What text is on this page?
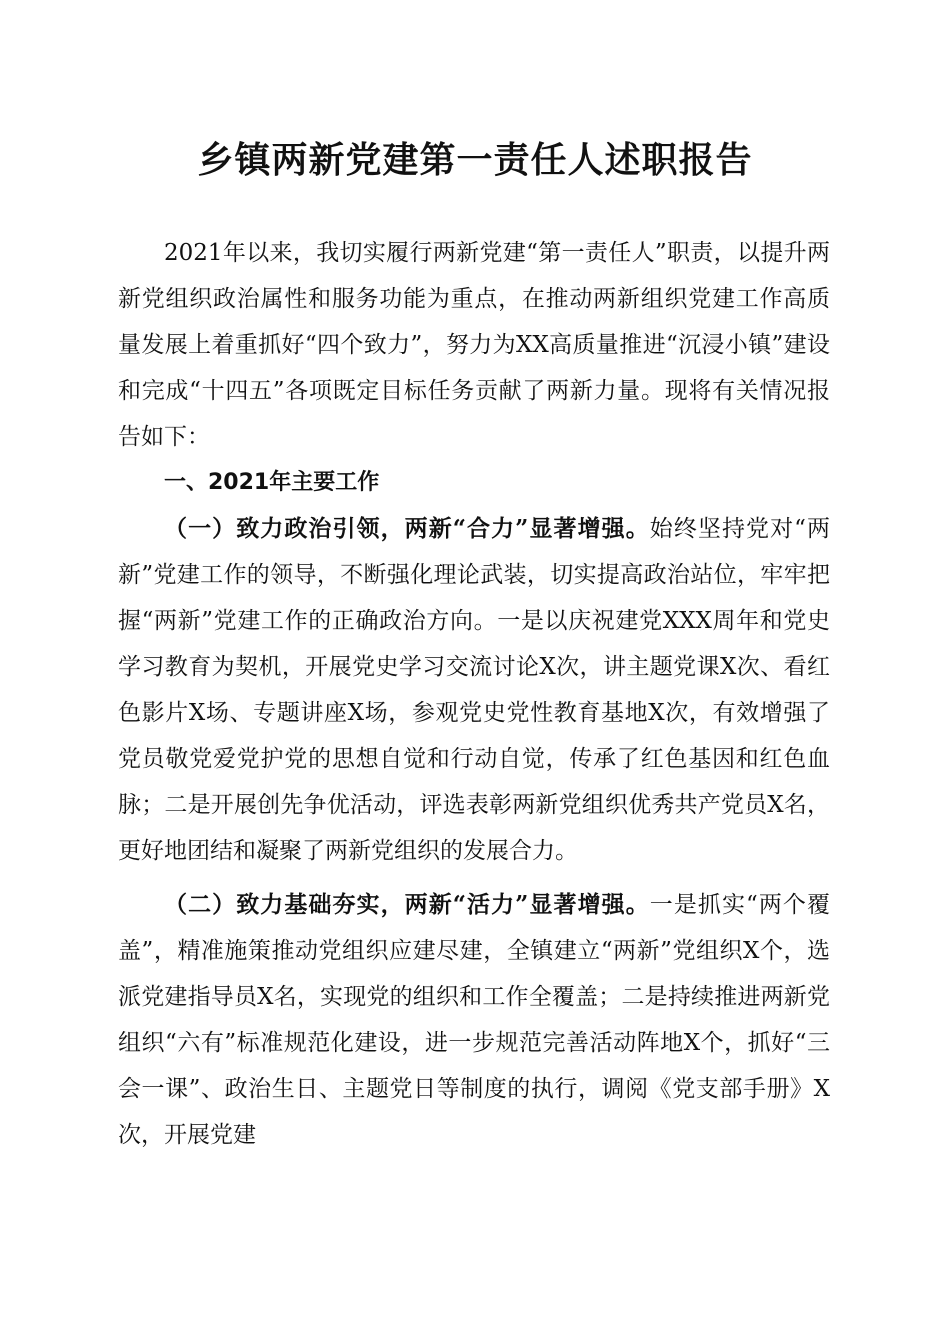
乡镇两新党建第一责任人述职报告

2021年以来，我切实履行两新党建“第一责任人”职责，以提升两新党组织政治属性和服务功能为重点，在推动两新组织党建工作高质量发展上着重抓好“四个致力”，努力为XX高质量推进“沉浸小镇”建设和完成“十四五”各项既定目标任务贡献了两新力量。现将有关情况报告如下：

一、2021年主要工作

（一）致力政治引领，两新“合力”显著增强。始终坚持党对“两新”党建工作的领导，不断强化理论武装，切实提高政治站位，牢牢把握“两新”党建工作的正确政治方向。一是以庆祝建党XXX周年和党史学习教育为契机，开展党史学习交流讨论X次，讲主题党课X次、看红色影片X场、专题讲座X场，参观党史党性教育基地X次，有效增强了党员敬党爱党护党的思想自觉和行动自觉，传承了红色基因和红色血脉；二是开展创先争优活动，评选表彰两新党组织优秀共产党员X名，更好地团结和凝聚了两新党组织的发展合力。

（二）致力基础夯实，两新“活力”显著增强。一是抓实“两个覆盖”，精准施策推动党组织应建尽建，全镇建立“两新”党组织X个，选派党建指导员X名，实现党的组织和工作全覆盖；二是持续推进两新党组织“六有”标准规范化建设，进一步规范完善活动阵地X个，抓好“三会一课”、政治生日、主题党日等制度的执行，调阅《党支部手册》X次，开展党建
